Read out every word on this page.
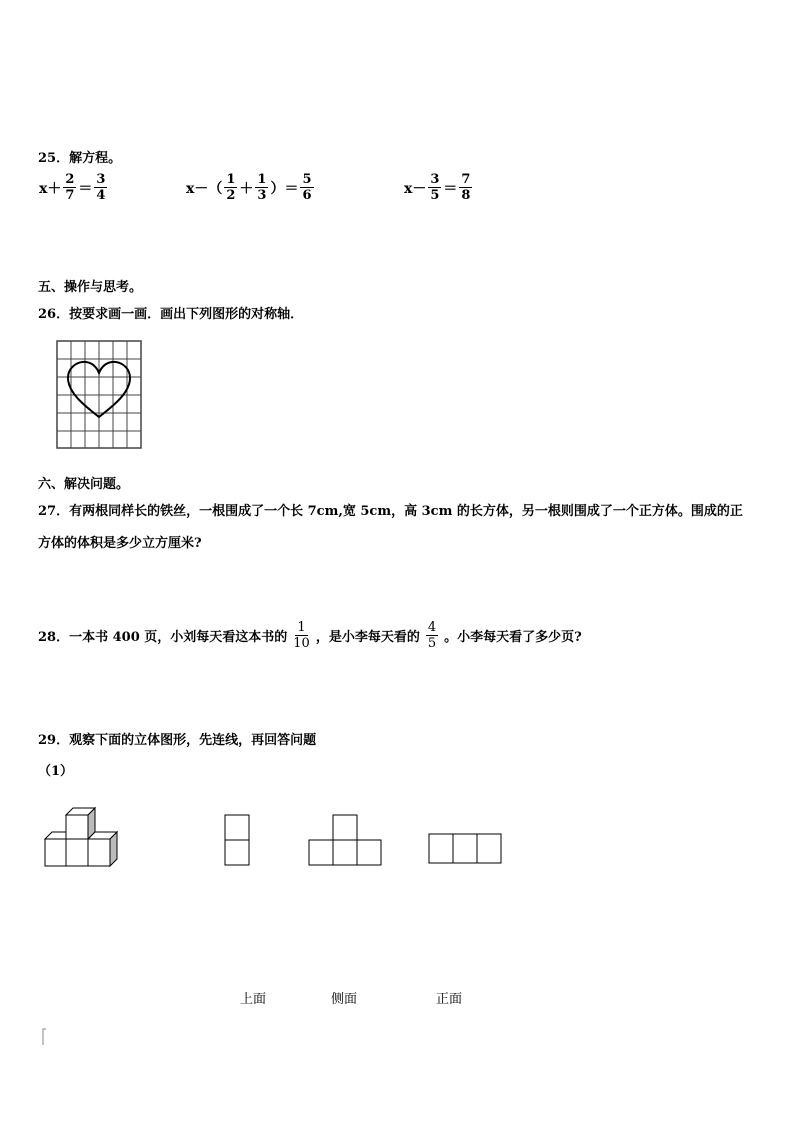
25．解方程。
$x+ \frac{2}{7} = \frac{3}{4}$	$x-( \frac{1}{2} + \frac{1}{3}$ ）＝ $\frac{5}{6}$	$x- \frac{3}{5} = \frac{7}{8}$
五、操作与思考。
26．按要求画一画．画出下列图形的对称轴．
六、解决问题。
27．有两根同样长的铁丝，一根围成了一个长 7cm,宽 5cm，高 3cm 的长方体，另一根则围成了一个正方体。围成的正
方体的体积是多少立方厘米?
28．一本书 400 页，小刘每天看这本书的 $\frac{1}{10}$ ，是小李每天看的 $\frac{4}{5}$ 。小李每天看了多少页?
29．观察下面的立体图形，先连线，再回答问题
（1）
上面	侧面	正面
